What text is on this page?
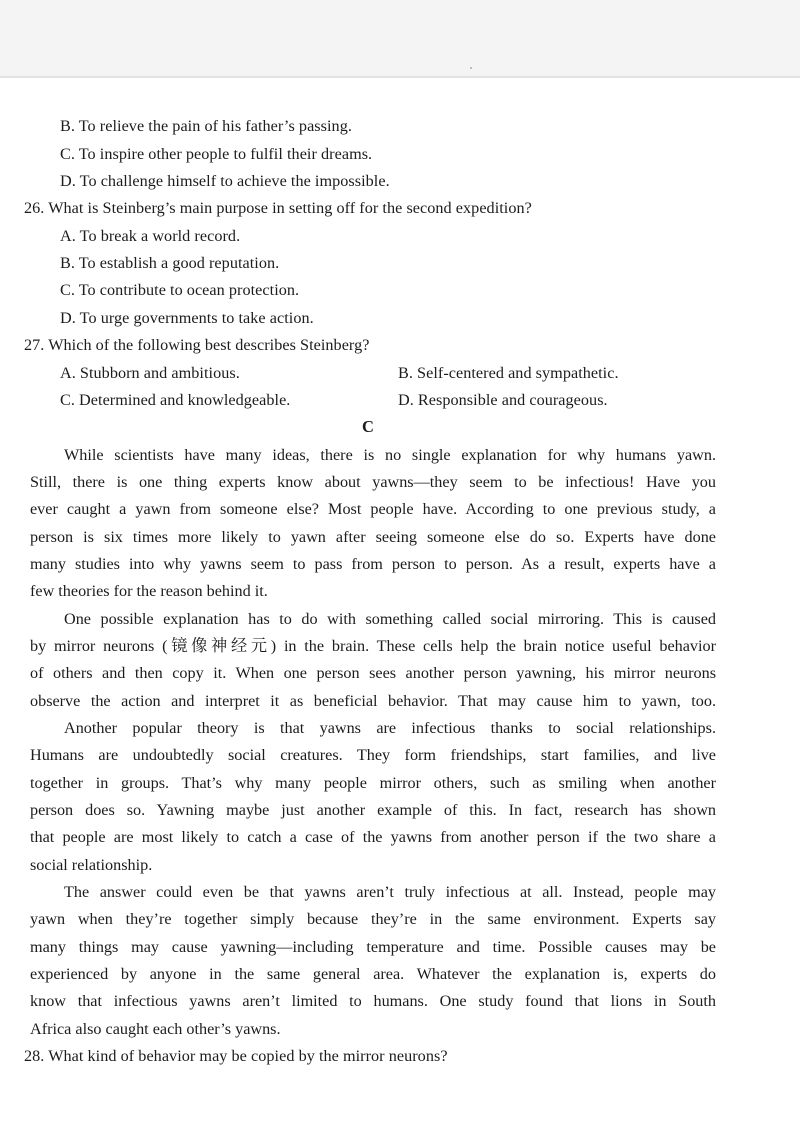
B. To relieve the pain of his father’s passing.
C. To inspire other people to fulfil their dreams.
D. To challenge himself to achieve the impossible.
26. What is Steinberg’s main purpose in setting off for the second expedition?
A. To break a world record.
B. To establish a good reputation.
C. To contribute to ocean protection.
D. To urge governments to take action.
27. Which of the following best describes Steinberg?
A. Stubborn and ambitious.	B. Self-centered and sympathetic.
C. Determined and knowledgeable.	D. Responsible and courageous.
C
While scientists have many ideas, there is no single explanation for why humans yawn.
Still, there is one thing experts know about yawns—they seem to be infectious! Have you
ever caught a yawn from someone else? Most people have. According to one previous study, a
person is six times more likely to yawn after seeing someone else do so. Experts have done
many studies into why yawns seem to pass from person to person. As a result, experts have a
few theories for the reason behind it.
One possible explanation has to do with something called social mirroring. This is caused
by mirror neurons (镜像神经元) in the brain. These cells help the brain notice useful behavior
of others and then copy it. When one person sees another person yawning, his mirror neurons
observe the action and interpret it as beneficial behavior. That may cause him to yawn, too.
Another popular theory is that yawns are infectious thanks to social relationships.
Humans are undoubtedly social creatures. They form friendships, start families, and live
together in groups. That’s why many people mirror others, such as smiling when another
person does so. Yawning maybe just another example of this. In fact, research has shown
that people are most likely to catch a case of the yawns from another person if the two share a
social relationship.
The answer could even be that yawns aren’t truly infectious at all. Instead, people may
yawn when they’re together simply because they’re in the same environment. Experts say
many things may cause yawning—including temperature and time. Possible causes may be
experienced by anyone in the same general area. Whatever the explanation is, experts do
know that infectious yawns aren’t limited to humans. One study found that lions in South
Africa also caught each other’s yawns.
28. What kind of behavior may be copied by the mirror neurons?
